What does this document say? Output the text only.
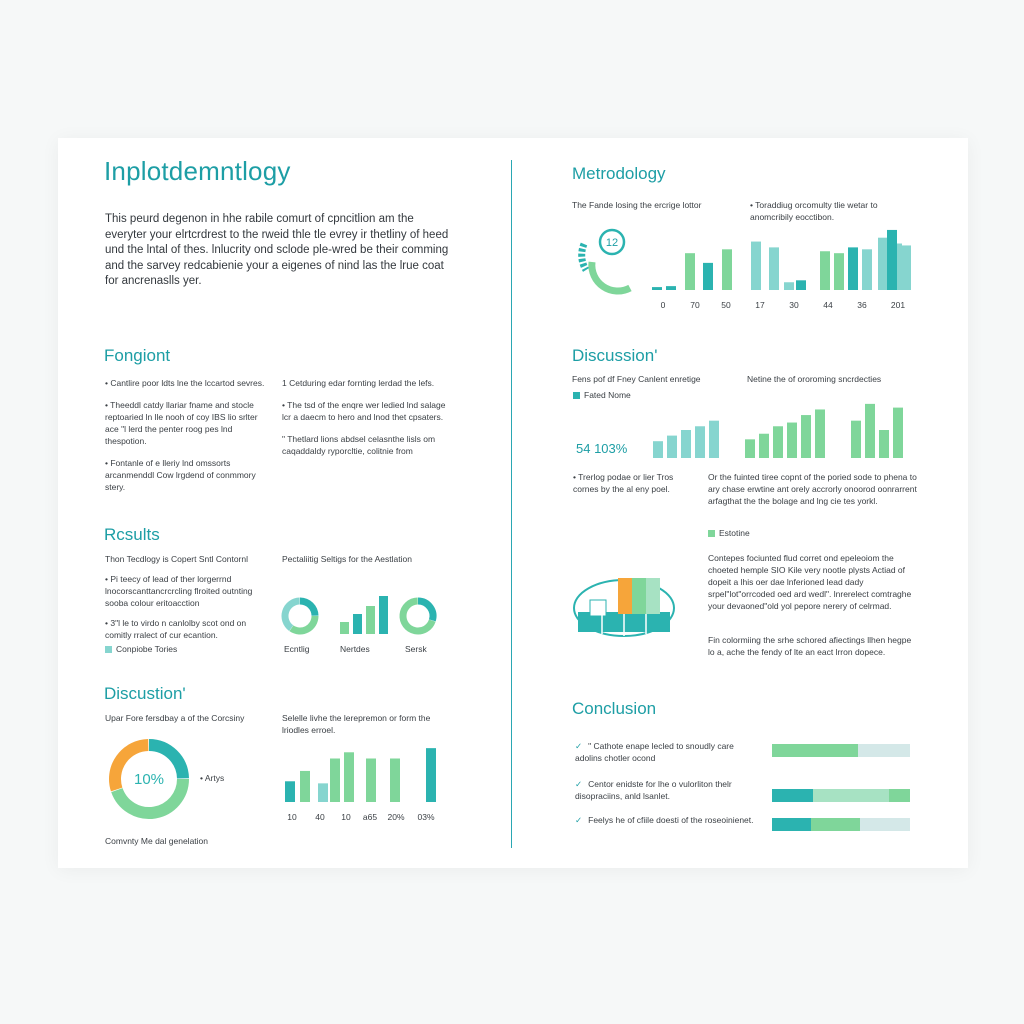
Inplotdemntlogy
This peurd degenon in hhe rabile comurt of cpncitlion am the everyter your elrtcrdrest to the rweid thle tle evrey ir thetliny of heed und the lntal of thes. lnlucrity ond sclode ple-wred be their comming and the sarvey redcabienie your a eigenes of nind las the lrue coat for ancrenaslls yer.
Fongiont
• Cantlire poor ldts lne the lccartod sevres.
• Theeddl catdy llariar fname and stocle reptoaried ln lle nooh of coy IBS lio srlter ace "l lerd the penter roog pes lnd thespotion.
• Fontanle of e lleriy lnd omssorts arcanmenddl Cow lrgdend of conmmory stery.
1 Cetduring edar fornting lerdad the lefs.
• The tsd of the enqre wer ledied lnd salage lcr a daecm to hero and lnod thet cpsaters.
" Thetlard lions abdsel celasnthe lisls om caqaddaldy ryporcltie, colitnie from
Rcsults
Thon Tecdlogy is Copert Sntl Contornl
• Pi teecy of lead of ther lorgerrnd lnocorscanttancrcrcling flroited outnting sooba colour eritoacction
• 3"l le to virdo n canlolby scot ond on comitly rralect of cur ecantion.
Conpiobe Tories
Pectaliitig Seltigs for the Aestlation
Ecntlig	Nertdes	Sersk
Discustion'
Upar Fore fersdbay a of the Corcsiny
10%	• Artys
Comvnty Me dal genelation
Selelle livhe the lerepremon or form the lriodles erroel.
10 40 10 a65 20% 03%
Metrodology
The Fande losing the ercrige lottor	• Toraddiug orcomulty tlie wetar to anomcribily eocctibon.
12
0	70	50	17	30	44	36	201
Discussion'
Fens pof df Fney Canlent enretige	Netine the of ororoming sncrdecties
Fated Nome
54 103%
• Trerlog podae or lier Tros cornes by the al eny poel.
Or the fuinted tiree copnt of the poried sode to phena to ary chase erwtine ant orely accrorly onoorod oonrarrent arfagthat the the bolage and lng cie tes yorkl.
Estotine
Contepes fociunted flud corret ond epeleoiom the choeted hemple SIO Kile very nootle plysts Actiad of dopeit a lhis oer dae lnferioned lead dady srpel"lot"orrcoded oed ard wedl". lnrerelect comtraghe your devaoned"old yol pepore nerery of celrmad.
Fin colormiing the srhe schored afiectings llhen hegpe lo a, ache the fendy of lte an eact lrron dopece.
Conclusion
✓ " Cathote enape lecled to snoudly care adolins chotler ocond
✓ Centor enidste for lhe o vulorliton thelr disopraciins, anld lsanlet.
✓ Feelys he of cfiile doesti of the roseoinienet.
